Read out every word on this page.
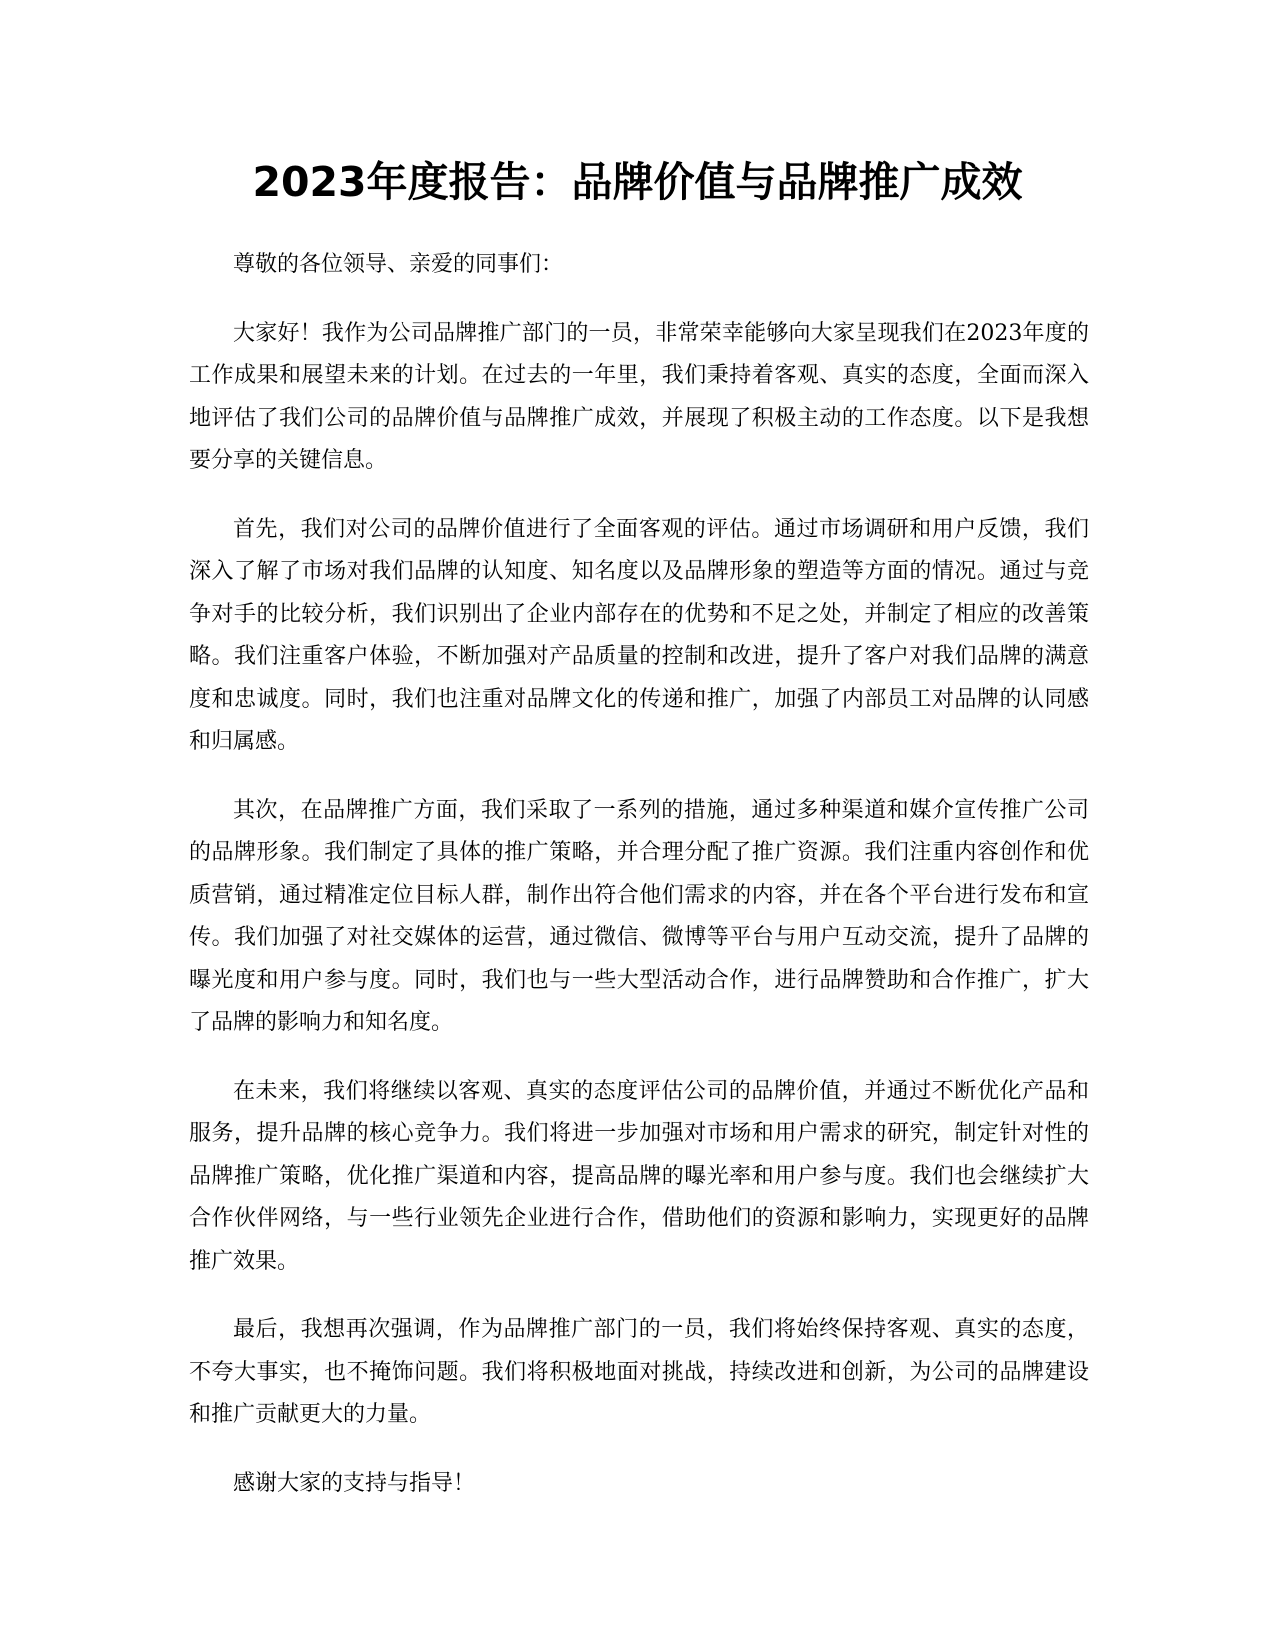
2023年度报告：品牌价值与品牌推广成效

尊敬的各位领导、亲爱的同事们：

大家好！我作为公司品牌推广部门的一员，非常荣幸能够向大家呈现我们在2023年度的工作成果和展望未来的计划。在过去的一年里，我们秉持着客观、真实的态度，全面而深入地评估了我们公司的品牌价值与品牌推广成效，并展现了积极主动的工作态度。以下是我想要分享的关键信息。

首先，我们对公司的品牌价值进行了全面客观的评估。通过市场调研和用户反馈，我们深入了解了市场对我们品牌的认知度、知名度以及品牌形象的塑造等方面的情况。通过与竞争对手的比较分析，我们识别出了企业内部存在的优势和不足之处，并制定了相应的改善策略。我们注重客户体验，不断加强对产品质量的控制和改进，提升了客户对我们品牌的满意度和忠诚度。同时，我们也注重对品牌文化的传递和推广，加强了内部员工对品牌的认同感和归属感。

其次，在品牌推广方面，我们采取了一系列的措施，通过多种渠道和媒介宣传推广公司的品牌形象。我们制定了具体的推广策略，并合理分配了推广资源。我们注重内容创作和优质营销，通过精准定位目标人群，制作出符合他们需求的内容，并在各个平台进行发布和宣传。我们加强了对社交媒体的运营，通过微信、微博等平台与用户互动交流，提升了品牌的曝光度和用户参与度。同时，我们也与一些大型活动合作，进行品牌赞助和合作推广，扩大了品牌的影响力和知名度。

在未来，我们将继续以客观、真实的态度评估公司的品牌价值，并通过不断优化产品和服务，提升品牌的核心竞争力。我们将进一步加强对市场和用户需求的研究，制定针对性的品牌推广策略，优化推广渠道和内容，提高品牌的曝光率和用户参与度。我们也会继续扩大合作伙伴网络，与一些行业领先企业进行合作，借助他们的资源和影响力，实现更好的品牌推广效果。

最后，我想再次强调，作为品牌推广部门的一员，我们将始终保持客观、真实的态度，不夸大事实，也不掩饰问题。我们将积极地面对挑战，持续改进和创新，为公司的品牌建设和推广贡献更大的力量。

感谢大家的支持与指导！
